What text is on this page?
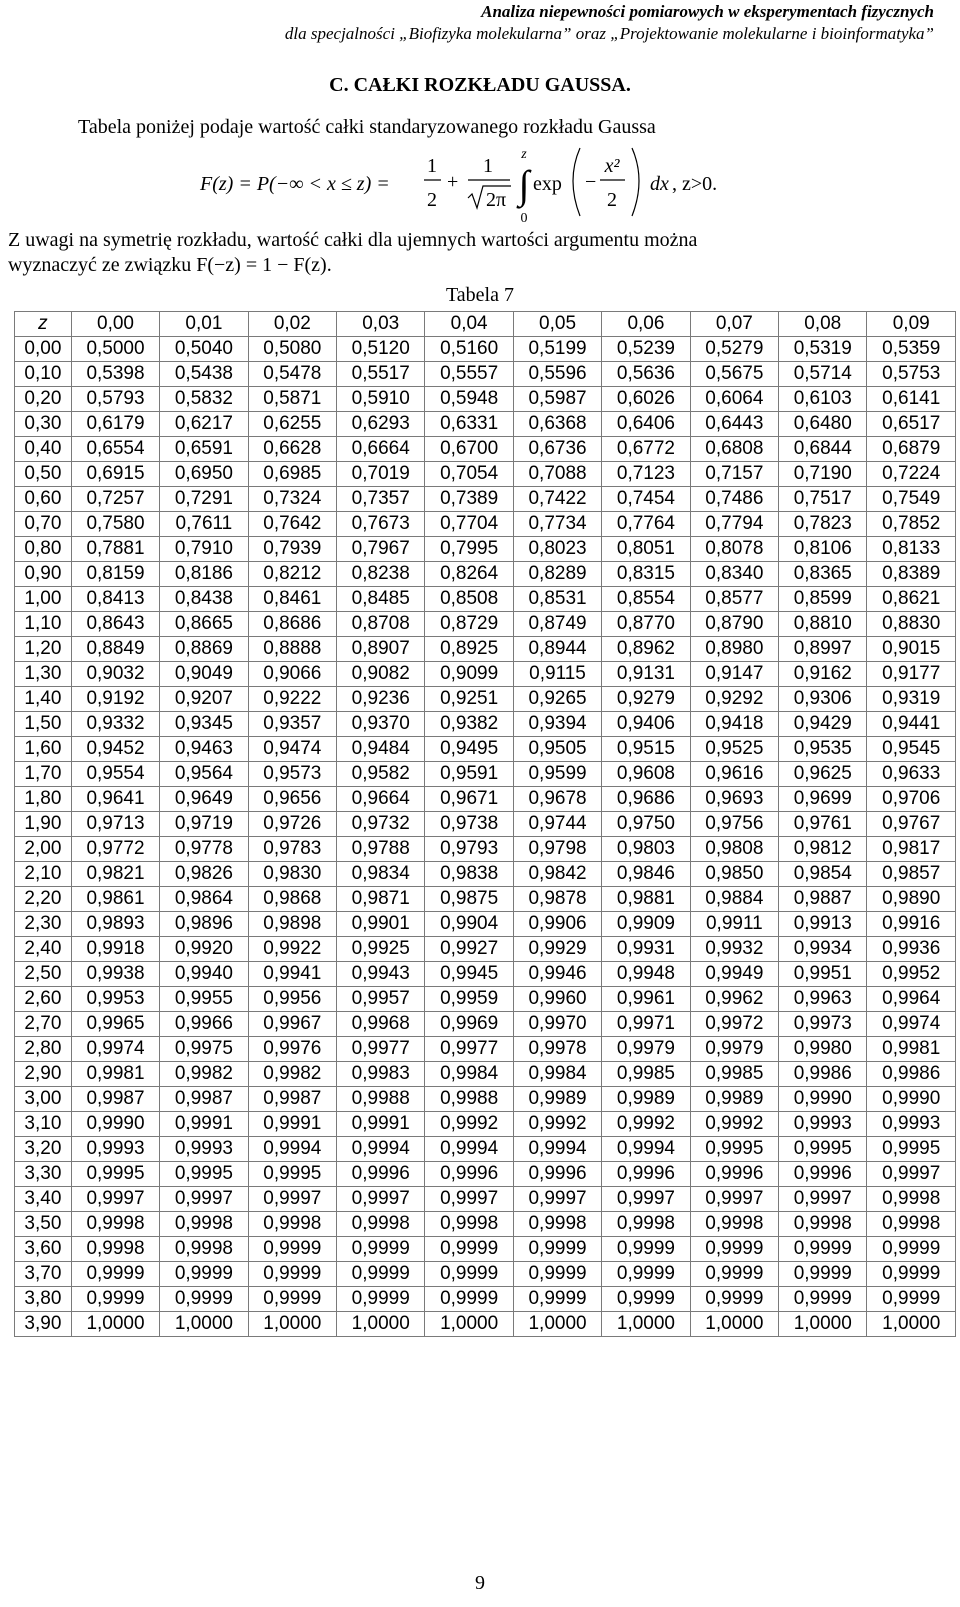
Analiza niepewności pomiarowych w eksperymentach fizycznych
dla specjalności „Biofizyka molekularna” oraz „Projektowanie molekularne i bioinformatyka”
C. CAŁKI ROZKŁADU GAUSSA.
Tabela poniżej podaje wartość całki standaryzowanego rozkładu Gaussa
F(z) = P(−∞ < x ≤ z) =
1
2
+
1
2π
z
∫
0
exp −
x²
2
dx , z>0.
Z uwagi na symetrię rozkładu, wartość całki dla ujemnych wartości argumentu można
wyznaczyć ze związku F(−z) = 1 − F(z).
Tabela 7
z	0,00	0,01	0,02	0,03	0,04	0,05	0,06	0,07	0,08	0,09
0,00	0,5000	0,5040	0,5080	0,5120	0,5160	0,5199	0,5239	0,5279	0,5319	0,5359
0,10	0,5398	0,5438	0,5478	0,5517	0,5557	0,5596	0,5636	0,5675	0,5714	0,5753
0,20	0,5793	0,5832	0,5871	0,5910	0,5948	0,5987	0,6026	0,6064	0,6103	0,6141
0,30	0,6179	0,6217	0,6255	0,6293	0,6331	0,6368	0,6406	0,6443	0,6480	0,6517
0,40	0,6554	0,6591	0,6628	0,6664	0,6700	0,6736	0,6772	0,6808	0,6844	0,6879
0,50	0,6915	0,6950	0,6985	0,7019	0,7054	0,7088	0,7123	0,7157	0,7190	0,7224
0,60	0,7257	0,7291	0,7324	0,7357	0,7389	0,7422	0,7454	0,7486	0,7517	0,7549
0,70	0,7580	0,7611	0,7642	0,7673	0,7704	0,7734	0,7764	0,7794	0,7823	0,7852
0,80	0,7881	0,7910	0,7939	0,7967	0,7995	0,8023	0,8051	0,8078	0,8106	0,8133
0,90	0,8159	0,8186	0,8212	0,8238	0,8264	0,8289	0,8315	0,8340	0,8365	0,8389
1,00	0,8413	0,8438	0,8461	0,8485	0,8508	0,8531	0,8554	0,8577	0,8599	0,8621
1,10	0,8643	0,8665	0,8686	0,8708	0,8729	0,8749	0,8770	0,8790	0,8810	0,8830
1,20	0,8849	0,8869	0,8888	0,8907	0,8925	0,8944	0,8962	0,8980	0,8997	0,9015
1,30	0,9032	0,9049	0,9066	0,9082	0,9099	0,9115	0,9131	0,9147	0,9162	0,9177
1,40	0,9192	0,9207	0,9222	0,9236	0,9251	0,9265	0,9279	0,9292	0,9306	0,9319
1,50	0,9332	0,9345	0,9357	0,9370	0,9382	0,9394	0,9406	0,9418	0,9429	0,9441
1,60	0,9452	0,9463	0,9474	0,9484	0,9495	0,9505	0,9515	0,9525	0,9535	0,9545
1,70	0,9554	0,9564	0,9573	0,9582	0,9591	0,9599	0,9608	0,9616	0,9625	0,9633
1,80	0,9641	0,9649	0,9656	0,9664	0,9671	0,9678	0,9686	0,9693	0,9699	0,9706
1,90	0,9713	0,9719	0,9726	0,9732	0,9738	0,9744	0,9750	0,9756	0,9761	0,9767
2,00	0,9772	0,9778	0,9783	0,9788	0,9793	0,9798	0,9803	0,9808	0,9812	0,9817
2,10	0,9821	0,9826	0,9830	0,9834	0,9838	0,9842	0,9846	0,9850	0,9854	0,9857
2,20	0,9861	0,9864	0,9868	0,9871	0,9875	0,9878	0,9881	0,9884	0,9887	0,9890
2,30	0,9893	0,9896	0,9898	0,9901	0,9904	0,9906	0,9909	0,9911	0,9913	0,9916
2,40	0,9918	0,9920	0,9922	0,9925	0,9927	0,9929	0,9931	0,9932	0,9934	0,9936
2,50	0,9938	0,9940	0,9941	0,9943	0,9945	0,9946	0,9948	0,9949	0,9951	0,9952
2,60	0,9953	0,9955	0,9956	0,9957	0,9959	0,9960	0,9961	0,9962	0,9963	0,9964
2,70	0,9965	0,9966	0,9967	0,9968	0,9969	0,9970	0,9971	0,9972	0,9973	0,9974
2,80	0,9974	0,9975	0,9976	0,9977	0,9977	0,9978	0,9979	0,9979	0,9980	0,9981
2,90	0,9981	0,9982	0,9982	0,9983	0,9984	0,9984	0,9985	0,9985	0,9986	0,9986
3,00	0,9987	0,9987	0,9987	0,9988	0,9988	0,9989	0,9989	0,9989	0,9990	0,9990
3,10	0,9990	0,9991	0,9991	0,9991	0,9992	0,9992	0,9992	0,9992	0,9993	0,9993
3,20	0,9993	0,9993	0,9994	0,9994	0,9994	0,9994	0,9994	0,9995	0,9995	0,9995
3,30	0,9995	0,9995	0,9995	0,9996	0,9996	0,9996	0,9996	0,9996	0,9996	0,9997
3,40	0,9997	0,9997	0,9997	0,9997	0,9997	0,9997	0,9997	0,9997	0,9997	0,9998
3,50	0,9998	0,9998	0,9998	0,9998	0,9998	0,9998	0,9998	0,9998	0,9998	0,9998
3,60	0,9998	0,9998	0,9999	0,9999	0,9999	0,9999	0,9999	0,9999	0,9999	0,9999
3,70	0,9999	0,9999	0,9999	0,9999	0,9999	0,9999	0,9999	0,9999	0,9999	0,9999
3,80	0,9999	0,9999	0,9999	0,9999	0,9999	0,9999	0,9999	0,9999	0,9999	0,9999
3,90	1,0000	1,0000	1,0000	1,0000	1,0000	1,0000	1,0000	1,0000	1,0000	1,0000
9
